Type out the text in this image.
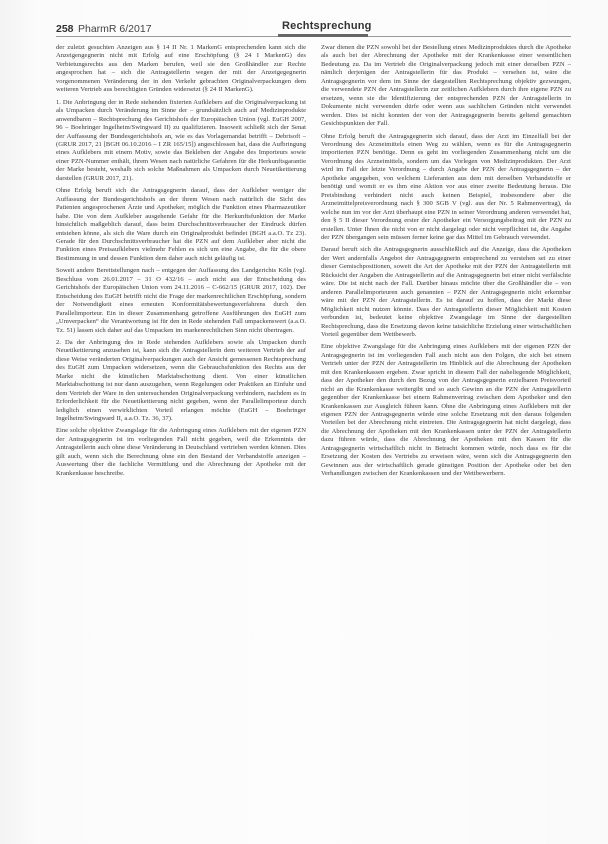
258 PharmR 6/2017	Rechtsprechung

der zuletzt gesuchten Anzeigen aus § 14 II Nr. 1 MarkenG entsprechenden kann sich die Anzeigengegnerin nicht mit Erfolg auf eine Erschöpfung (§ 24 I MarkenG) des Verbietungsrechts aus den Marken berufen, weil sie den Großhändler zur Rechte angesprochen hat – sich die Antragstellerin wegen der mit der Anzeigegegnerin vorgenommenen Veränderung der in den Verkehr gebrachten Originalverpackungen dem weiteren Vertrieb aus berechtigten Gründen widersetzt (§ 24 II MarkenG).

1. Die Anbringung der in Rede stehenden fixierten Aufklebers auf die Originalverpackung ist als Umpacken durch Veränderung im Sinne der – grundsätzlich auch auf Medizinprodukte anwendbaren – Rechtsprechung des Gerichtshofs der Europäischen Union (vgl. EuGH 2007, 96 – Boehringer Ingelheim/Swingward II) zu qualifizieren. Insoweit schließt sich der Senat der Auffassung der Bundesgerichtshofs an, wie es das Vorlagemandat betrifft – Debrisoft – (GRUR 2017, 21 [BGH 06.10.2016 – I ZR 165/15]) angeschlossen hat, dass die Aufbringung eines Aufklebers mit einem Motiv, sowie das Bekleben der Angabe des Importeurs sowie einer PZN-Nummer enthält, ihrem Wesen nach natürliche Gefahren für die Herkunftsgarantie der Marke besteht, weshalb sich solche Maßnahmen als Umpacken durch Neuetikettierung darstellen (GRUR 2017, 21).

Ohne Erfolg beruft sich die Antragsgegnerin darauf, dass der Aufkleber weniger die Auffassung der Bundesgerichtshofs an der ihrem Wesen nach natürlich die Sicht des Patienten angesprochenen Ärzte und Apotheker, möglich die Funktion eines Pharmazeutiker habe. Die von dem Aufkleber ausgehende Gefahr für die Herkunftsfunktion der Marke hinsichtlich maßgeblich darauf, dass beim Durchschnittsverbraucher der Eindruck dürfen entstehen könne, als sich die Ware durch ein Originalprodukt befindet (BGH a.a.O. Tz 23). Gerade für den Durchschnittsverbraucher hat die PZN auf dem Aufkleber aber nicht die Funktion eines Preisaufklebers vielmehr Fehlen es sich um eine Angabe, die für die obere Bestimmung in und dessen Funktion dem daher auch nicht geläufig ist.

Soweit andere Bereitstellungen nach – entgegen der Auffassung des Landgerichts Köln (vgl. Beschluss vom 26.01.2017 – 31 O 432/16 – auch nicht aus der Entscheidung des Gerichtshofs der Europäischen Union vom 24.11.2016 – C-662/15 (GRUR 2017, 102). Der Entscheidung des EuGH betrifft nicht die Frage der markenrechtlichen Erschöpfung, sondern der Notwendigkeit eines erneuten Konformitätsbewertungsverfahrens durch den Parallelimporteur. Ein in dieser Zusammenhang getroffene Ausführungen des EuGH zum „Umverpacken“ die Verantwortung ist für den in Rede stehenden Fall umpackenswert (a.a.O. Tz. 51) lassen sich daher auf das Umpacken im markenrechtlichen Sinn nicht übertragen.

2. Da der Anbringung des in Rede stehenden Aufklebers sowie als Umpacken durch Neuetikettierung anzusehen ist, kann sich die Antragstellerin dem weiteren Vertrieb der auf diese Weise veränderten Originalverpackungen auch der Ansicht gemessenen Rechtsprechung des EuGH zum Umpacken widersetzen, wenn die Gebrauchsfunktion des Rechts aus der Marke nicht die künstlichen Marktabschottung dient. Von einer künstlichen Marktabschottung ist nur dann auszugehen, wenn Regelungen oder Praktiken an Einfuhr und dem Vertrieb der Ware in den untersuchenden Originalverpackung verhindern, nachdem es in Erforderlichkeit für die Neuetikettierung nicht gegeben, wenn der Parallelimporteur durch lediglich einen verwirklichten Vorteil erlangen möchte (EuGH – Boehringer Ingelheim/Swingward II, a.a.O. Tz. 36, 37).

Eine solche objektive Zwangslage für die Anbringung eines Aufklebers mit der eigenen PZN der Antragsgegnerin ist im vorliegenden Fall nicht gegeben, weil die Erkenntnis der Antragstellerin auch ohne diese Veränderung in Deutschland vertrieben werden können. Dies gilt auch, wenn sich die Berechnung ohne ein den Bestand der Verbandstoffe anzeigen – Auswertung über die fachliche Vermittlung und die Abrechnung der Apotheke mit der Krankenkasse beschreibe.

Zwar dienen die PZN sowohl bei der Bestellung eines Medizinproduktes durch die Apotheke als auch bei der Abrechnung der Apotheke mit der Krankenkasse einer wesentlichen Bedeutung zu. Da im Vertrieb die Originalverpackung jedoch mit einer derselben PZN – nämlich derjenigen der Antragstellerin für das Produkt – versehen ist, wäre die Antragsgegnerin vor dem im Sinne der dargestellten Rechtsprechung objektiv gezwungen, die verwendete PZN der Antragstellerin zur zeitlichen Aufklebern durch ihre eigene PZN zu ersetzen, wenn sie die Identifizierung der entsprechenden PZN der Antragstellerin in Dokumente nicht verwenden dürfe oder wenn aus sachlichen Gründen nicht verwendet werden. Dies ist nicht konnten der von der Antragsgegnerin bereits geltend gemachten Gesichtspunkten der Fall.

Ohne Erfolg beruft die Antragsgegnerin sich darauf, dass der Arzt im Einzelfall bei der Verordnung des Arzneimittels einen Weg zu wählen, wenn es für die Antragsgegnerin importierten PZN benötige. Denn es geht im vorliegenden Zusammenhang nicht um die Verordnung des Arzneimittels, sondern um das Vorlegen von Medizinprodukten. Der Arzt wird im Fall der letzte Verordnung – durch Angabe der PZN der Antragsgegnerin – der Apotheke angegeben, von welchem Lieferanten aus dem mit derselben Verbandstoffe er benötigt und womit er es ihm eine Aktion vor aus einer zweite Bedeutung heraus. Die Preisbindung verhindert nicht auch keinen Beispiel, insbesondere aber die Arzneimittelpreisverordnung nach § 300 SGB V (vgl. aus der Nr. 5 Rahmenvertrag), da welche nun im vor der Arzt überhaupt eine PZN in seiner Verordnung anderen verwendet hat, den § 5 II dieser Verordnung erster der Apotheker ein Versorgungsbeitrag mit der PZN zu erstellen. Unter Ihnen die nicht von er nicht dargelegt oder nicht verpflichtet ist, die Angabe der PZN übergangen sein müssen ferner keine gar das Mittel im Gebrauch verwendet.

Darauf beruft sich die Antragsgegnerin ausschließlich auf die Anzeige, dass die Apotheken der Wert andernfalls Angebot der Antragsgegnerin entsprechend zu verstehen sei zu einer dieser Gemischpositionen, soweit die Art der Apotheke mit der PZN der Antragstellerin mit Rücksicht der Angaben die Antragstellerin auf die Antragsgegnerin bei einer nicht verfälschte wäre. Die ist nicht nach der Fall. Darüber hinaus möchte über die Großhändler die – von anderen Parallelimporteuren auch genannten – PZN der Antragsgegnerin nicht erkennbar wäre mit der PZN der Antragstellerin. Es ist darauf zu hoffen, dass der Markt diese Möglichkeit nicht nutzen könnte. Dass der Antragstellerin dieser Möglichkeit mit Kosten verbunden ist, bedeutet keine objektive Zwangslage im Sinne der dargestellten Rechtsprechung, dass die Ersetzung davon keine tatsächliche Erzielung einer wirtschaftlichen Vorteil gegenüber dem Wettbewerb.

Eine objektive Zwangslage für die Anbringung eines Aufklebers mit der eigenen PZN der Antragsgegnerin ist im vorliegenden Fall auch nicht aus den Folgen, die sich bei einem Vertrieb unter der PZN der Antragstellerin im Hinblick auf die Abrechnung der Apotheken mit den Krankenkassen ergeben. Zwar spricht in diesem Fall der naheliegende Möglichkeit, dass der Apotheker den durch den Bezug von der Antragsgegnerin erzielbaren Preisvorteil nicht an die Krankenkasse weitergibt und so auch Gewinn an die PZN der Antragstellerin gegenüber der Krankenkasse bei einem Rahmenvertrag zwischen dem Apotheker und den Krankenkassen zur Ausgleich führen kann. Ohne die Anbringung eines Aufklebers mit der eigenen PZN der Antragsgegnerin würde eine solche Ersetzung mit den daraus folgenden Vorteilen bei der Abrechnung nicht eintreten. Die Antragsgegnerin hat nicht dargelegt, dass die Abrechnung der Apotheken mit den Krankenkassen unter der PZN der Antragstellerin dazu führen würde, dass die Abrechnung der Apotheken mit den Kassen für die Antragsgegnerin wirtschaftlich nicht in Betracht kommen würde, noch dass es für die Ersetzung der Kosten des Vertriebs zu erweisen wäre, wenn sich die Antragsgegnerin den Gewinnen aus der wirtschaftlich gerade günstigen Position der Apotheke oder bei den Verhandlungen zwischen der Krankenkassen und der Wettbewerbern.
